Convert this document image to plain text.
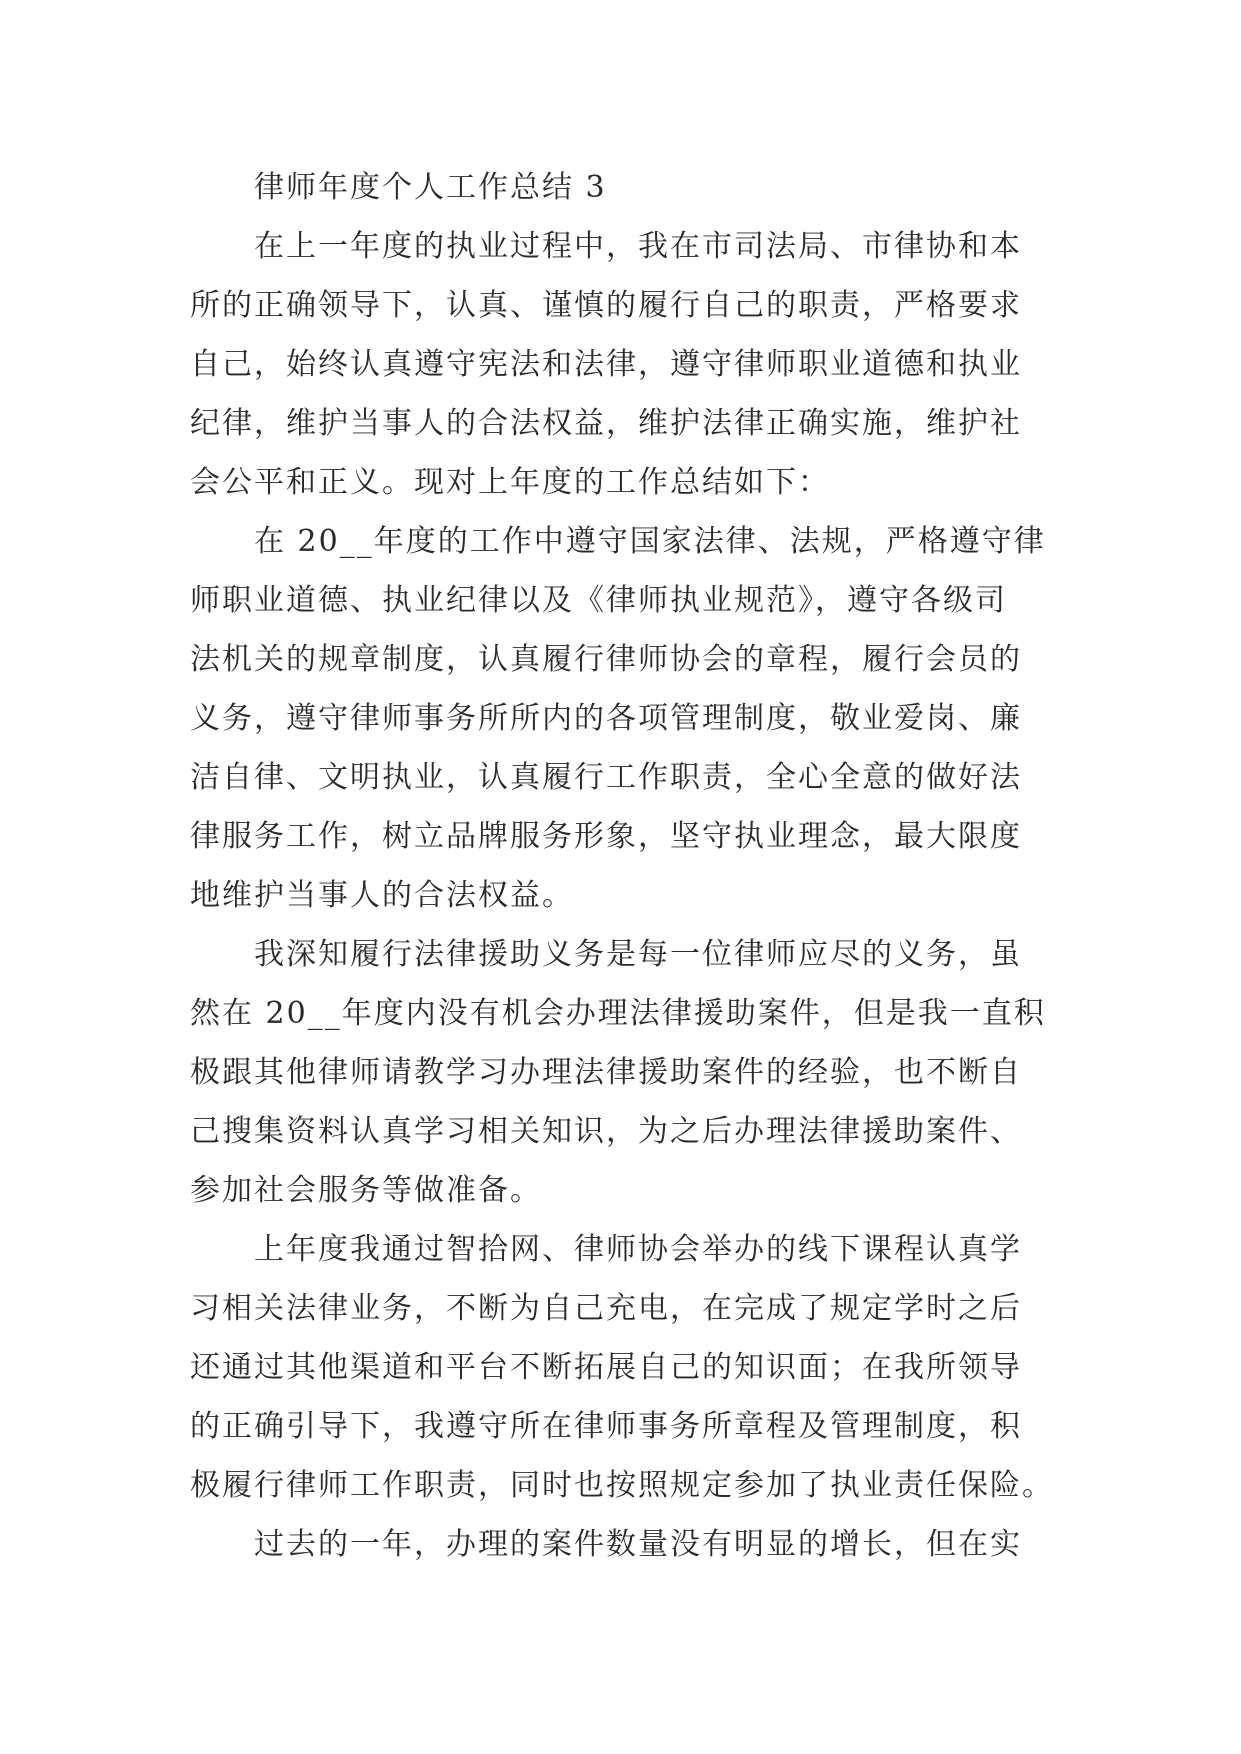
律师年度个人工作总结 3
在上一年度的执业过程中，我在市司法局、市律协和本
所的正确领导下，认真、谨慎的履行自己的职责，严格要求
自己，始终认真遵守宪法和法律，遵守律师职业道德和执业
纪律，维护当事人的合法权益，维护法律正确实施，维护社
会公平和正义。现对上年度的工作总结如下：
在 20__年度的工作中遵守国家法律、法规，严格遵守律
师职业道德、执业纪律以及《律师执业规范》，遵守各级司
法机关的规章制度，认真履行律师协会的章程，履行会员的
义务，遵守律师事务所所内的各项管理制度，敬业爱岗、廉
洁自律、文明执业，认真履行工作职责，全心全意的做好法
律服务工作，树立品牌服务形象，坚守执业理念，最大限度
地维护当事人的合法权益。
我深知履行法律援助义务是每一位律师应尽的义务，虽
然在 20__年度内没有机会办理法律援助案件，但是我一直积
极跟其他律师请教学习办理法律援助案件的经验，也不断自
己搜集资料认真学习相关知识，为之后办理法律援助案件、
参加社会服务等做准备。
上年度我通过智拾网、律师协会举办的线下课程认真学
习相关法律业务，不断为自己充电，在完成了规定学时之后
还通过其他渠道和平台不断拓展自己的知识面；在我所领导
的正确引导下，我遵守所在律师事务所章程及管理制度，积
极履行律师工作职责，同时也按照规定参加了执业责任保险。
过去的一年，办理的案件数量没有明显的增长，但在实
